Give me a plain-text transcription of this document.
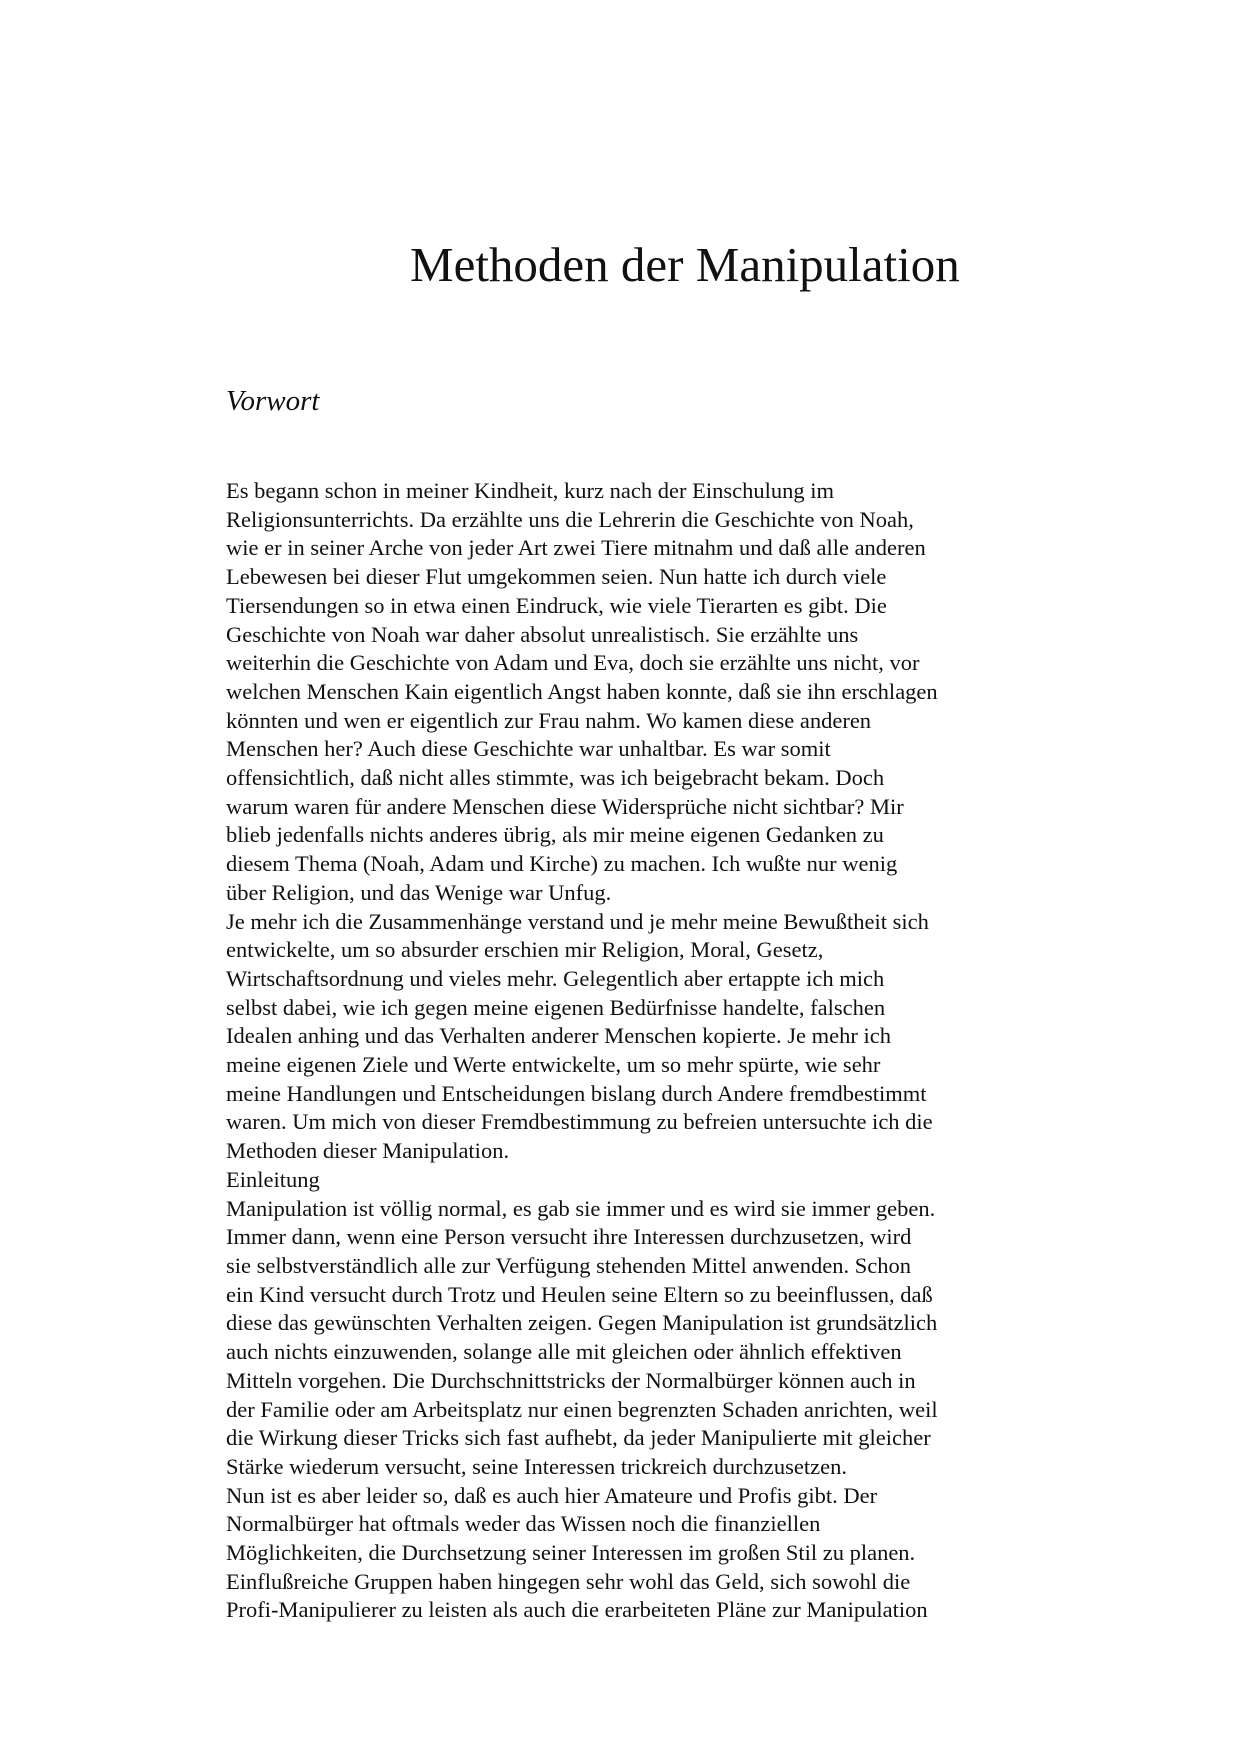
Methoden der Manipulation
Vorwort
Es begann schon in meiner Kindheit, kurz nach der Einschulung im
Religionsunterrichts. Da erzählte uns die Lehrerin die Geschichte von Noah,
wie er in seiner Arche von jeder Art zwei Tiere mitnahm und daß alle anderen
Lebewesen bei dieser Flut umgekommen seien. Nun hatte ich durch viele
Tiersendungen so in etwa einen Eindruck, wie viele Tierarten es gibt. Die
Geschichte von Noah war daher absolut unrealistisch. Sie erzählte uns
weiterhin die Geschichte von Adam und Eva, doch sie erzählte uns nicht, vor
welchen Menschen Kain eigentlich Angst haben konnte, daß sie ihn erschlagen
könnten und wen er eigentlich zur Frau nahm. Wo kamen diese anderen
Menschen her? Auch diese Geschichte war unhaltbar. Es war somit
offensichtlich, daß nicht alles stimmte, was ich beigebracht bekam. Doch
warum waren für andere Menschen diese Widersprüche nicht sichtbar? Mir
blieb jedenfalls nichts anderes übrig, als mir meine eigenen Gedanken zu
diesem Thema (Noah, Adam und Kirche) zu machen. Ich wußte nur wenig
über Religion, und das Wenige war Unfug.
Je mehr ich die Zusammenhänge verstand und je mehr meine Bewußtheit sich
entwickelte, um so absurder erschien mir Religion, Moral, Gesetz,
Wirtschaftsordnung und vieles mehr. Gelegentlich aber ertappte ich mich
selbst dabei, wie ich gegen meine eigenen Bedürfnisse handelte, falschen
Idealen anhing und das Verhalten anderer Menschen kopierte. Je mehr ich
meine eigenen Ziele und Werte entwickelte, um so mehr spürte, wie sehr
meine Handlungen und Entscheidungen bislang durch Andere fremdbestimmt
waren. Um mich von dieser Fremdbestimmung zu befreien untersuchte ich die
Methoden dieser Manipulation.
Einleitung
Manipulation ist völlig normal, es gab sie immer und es wird sie immer geben.
Immer dann, wenn eine Person versucht ihre Interessen durchzusetzen, wird
sie selbstverständlich alle zur Verfügung stehenden Mittel anwenden. Schon
ein Kind versucht durch Trotz und Heulen seine Eltern so zu beeinflussen, daß
diese das gewünschten Verhalten zeigen. Gegen Manipulation ist grundsätzlich
auch nichts einzuwenden, solange alle mit gleichen oder ähnlich effektiven
Mitteln vorgehen. Die Durchschnittstricks der Normalbürger können auch in
der Familie oder am Arbeitsplatz nur einen begrenzten Schaden anrichten, weil
die Wirkung dieser Tricks sich fast aufhebt, da jeder Manipulierte mit gleicher
Stärke wiederum versucht, seine Interessen trickreich durchzusetzen.
Nun ist es aber leider so, daß es auch hier Amateure und Profis gibt. Der
Normalbürger hat oftmals weder das Wissen noch die finanziellen
Möglichkeiten, die Durchsetzung seiner Interessen im großen Stil zu planen.
Einflußreiche Gruppen haben hingegen sehr wohl das Geld, sich sowohl die
Profi-Manipulierer zu leisten als auch die erarbeiteten Pläne zur Manipulation
